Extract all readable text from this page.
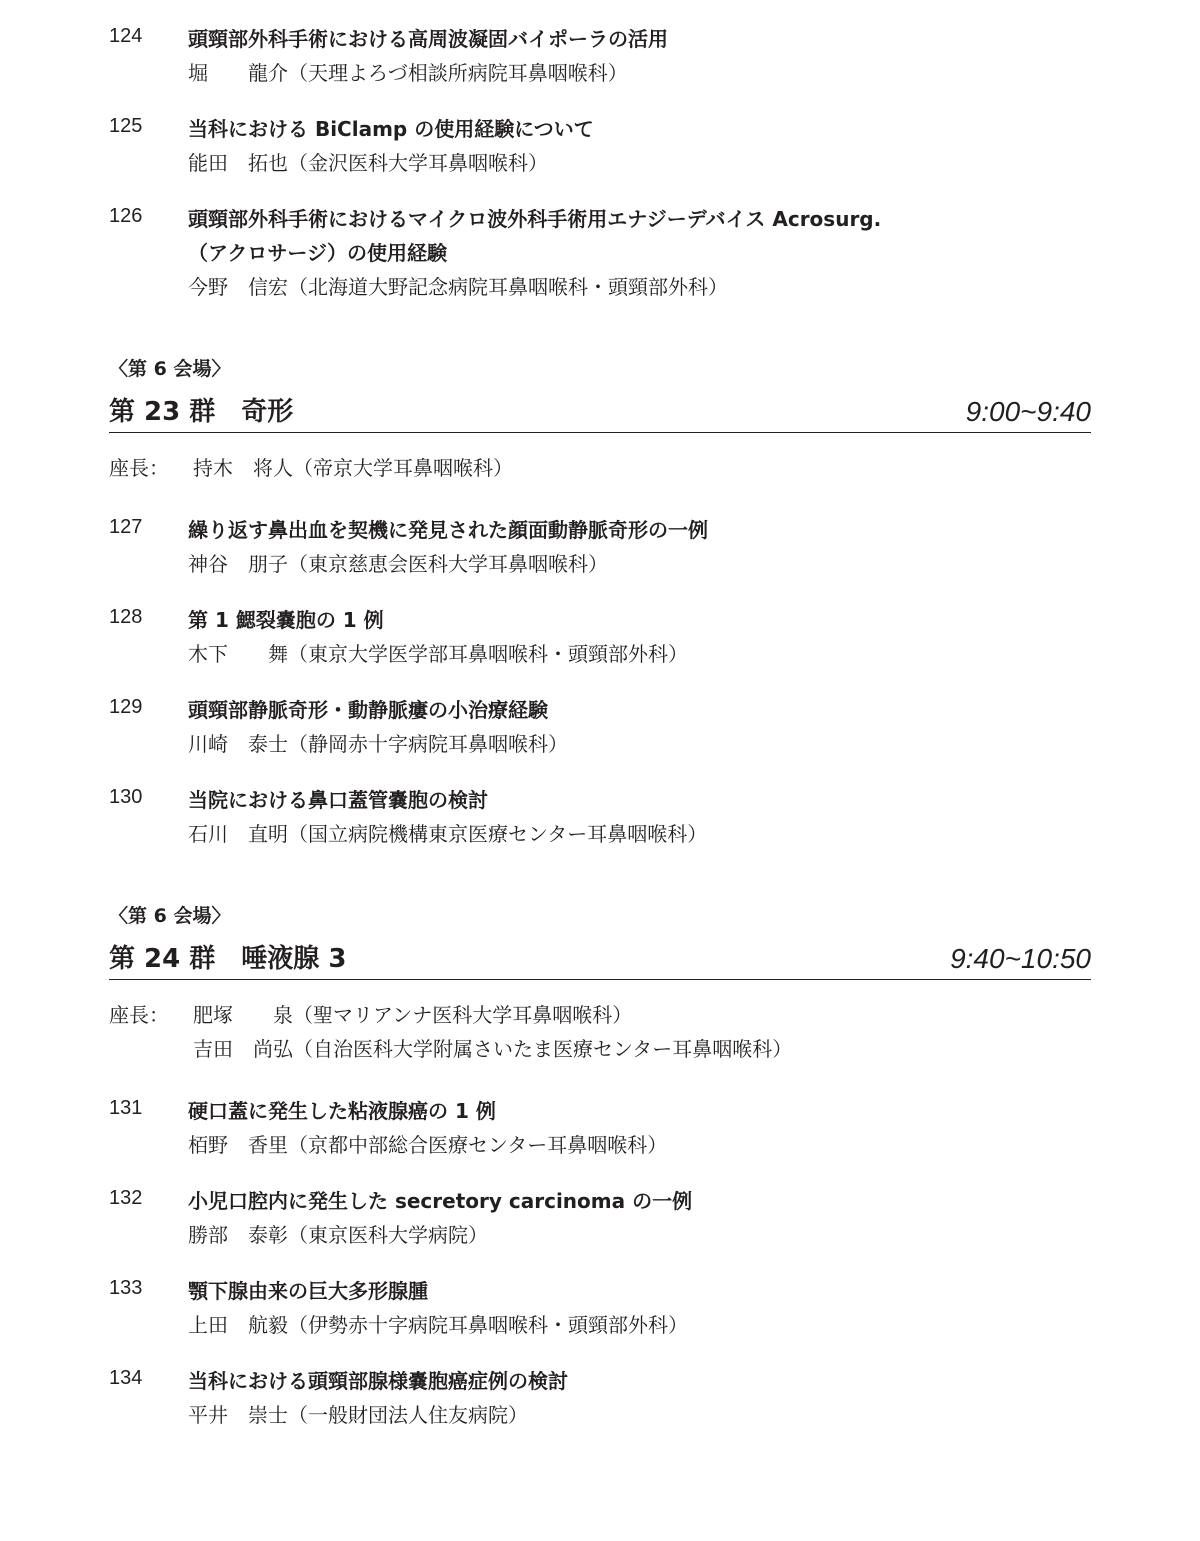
124 頭頸部外科手術における高周波凝固バイポーラの活用
堀　　龍介（天理よろづ相談所病院耳鼻咽喉科）
125 当科における BiClamp の使用経験について
能田　拓也（金沢医科大学耳鼻咽喉科）
126 頭頸部外科手術におけるマイクロ波外科手術用エナジーデバイス Acrosurg.
（アクロサージ）の使用経験
今野　信宏（北海道大野記念病院耳鼻咽喉科・頭頸部外科）
〈第 6 会場〉
第 23 群　奇形	9:00~9:40
座長： 持木　将人（帝京大学耳鼻咽喉科）
127 繰り返す鼻出血を契機に発見された顔面動静脈奇形の一例
神谷　朋子（東京慈恵会医科大学耳鼻咽喉科）
128 第 1 鰓裂嚢胞の 1 例
木下　　舞（東京大学医学部耳鼻咽喉科・頭頸部外科）
129 頭頸部静脈奇形・動静脈瘻の小治療経験
川崎　泰士（静岡赤十字病院耳鼻咽喉科）
130 当院における鼻口蓋管嚢胞の検討
石川　直明（国立病院機構東京医療センター耳鼻咽喉科）
〈第 6 会場〉
第 24 群　唾液腺 3	9:40~10:50
座長： 肥塚　　泉（聖マリアンナ医科大学耳鼻咽喉科）
吉田　尚弘（自治医科大学附属さいたま医療センター耳鼻咽喉科）
131 硬口蓋に発生した粘液腺癌の 1 例
栢野　香里（京都中部総合医療センター耳鼻咽喉科）
132 小児口腔内に発生した secretory carcinoma の一例
勝部　泰彰（東京医科大学病院）
133 顎下腺由来の巨大多形腺腫
上田　航毅（伊勢赤十字病院耳鼻咽喉科・頭頸部外科）
134 当科における頭頸部腺様嚢胞癌症例の検討
平井　崇士（一般財団法人住友病院）
